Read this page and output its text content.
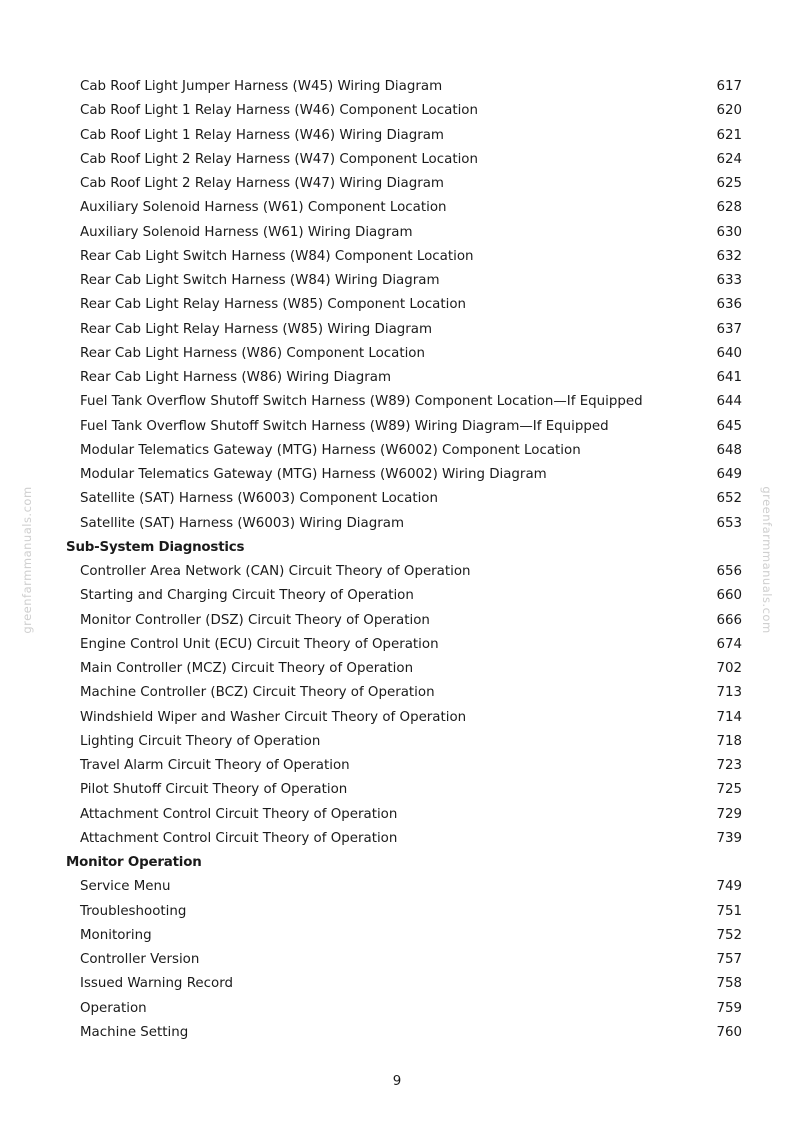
Cab Roof Light Jumper Harness (W45) Wiring Diagram	617
Cab Roof Light 1 Relay Harness (W46) Component Location	620
Cab Roof Light 1 Relay Harness (W46) Wiring Diagram	621
Cab Roof Light 2 Relay Harness (W47) Component Location	624
Cab Roof Light 2 Relay Harness (W47) Wiring Diagram	625
Auxiliary Solenoid Harness (W61) Component Location	628
Auxiliary Solenoid Harness (W61) Wiring Diagram	630
Rear Cab Light Switch Harness (W84) Component Location	632
Rear Cab Light Switch Harness (W84) Wiring Diagram	633
Rear Cab Light Relay Harness (W85) Component Location	636
Rear Cab Light Relay Harness (W85) Wiring Diagram	637
Rear Cab Light Harness (W86) Component Location	640
Rear Cab Light Harness (W86) Wiring Diagram	641
Fuel Tank Overflow Shutoff Switch Harness (W89) Component Location—If Equipped	644
Fuel Tank Overflow Shutoff Switch Harness (W89) Wiring Diagram—If Equipped	645
Modular Telematics Gateway (MTG) Harness (W6002) Component Location	648
Modular Telematics Gateway (MTG) Harness (W6002) Wiring Diagram	649
Satellite (SAT) Harness (W6003) Component Location	652
Satellite (SAT) Harness (W6003) Wiring Diagram	653
Sub-System Diagnostics
Controller Area Network (CAN) Circuit Theory of Operation	656
Starting and Charging Circuit Theory of Operation	660
Monitor Controller (DSZ) Circuit Theory of Operation	666
Engine Control Unit (ECU) Circuit Theory of Operation	674
Main Controller (MCZ) Circuit Theory of Operation	702
Machine Controller (BCZ) Circuit Theory of Operation	713
Windshield Wiper and Washer Circuit Theory of Operation	714
Lighting Circuit Theory of Operation	718
Travel Alarm Circuit Theory of Operation	723
Pilot Shutoff Circuit Theory of Operation	725
Attachment Control Circuit Theory of Operation	729
Attachment Control Circuit Theory of Operation	739
Monitor Operation
Service Menu	749
Troubleshooting	751
Monitoring	752
Controller Version	757
Issued Warning Record	758
Operation	759
Machine Setting	760
greenfarmmanuals.com	greenfarmmanuals.com
9
